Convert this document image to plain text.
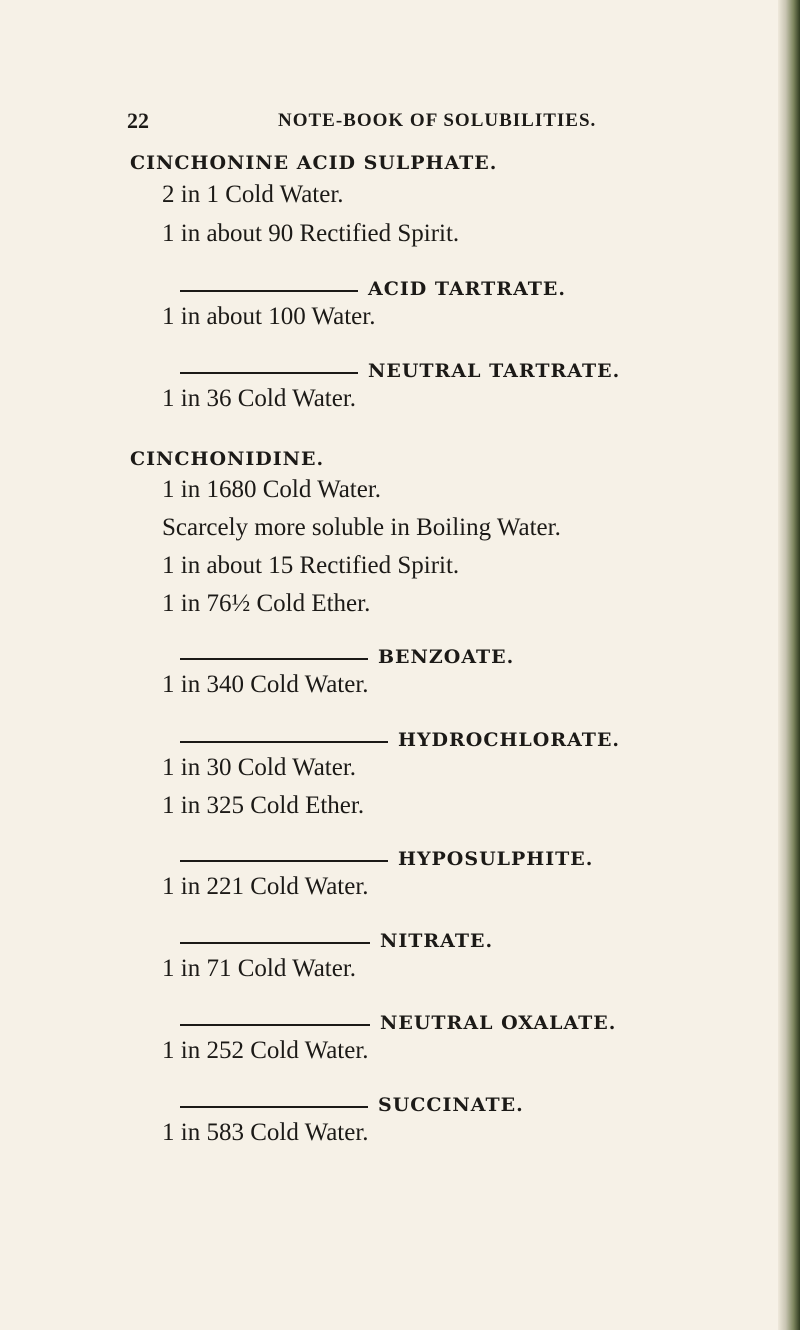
22	NOTE-BOOK OF SOLUBILITIES.
CINCHONINE ACID SULPHATE.
2 in 1 Cold Water.
1 in about 90 Rectified Spirit.
ACID TARTRATE.
1 in about 100 Water.
NEUTRAL TARTRATE.
1 in 36 Cold Water.
CINCHONIDINE.
1 in 1680 Cold Water.
Scarcely more soluble in Boiling Water.
1 in about 15 Rectified Spirit.
1 in 76½ Cold Ether.
BENZOATE.
1 in 340 Cold Water.
HYDROCHLORATE.
1 in 30 Cold Water.
1 in 325 Cold Ether.
HYPOSULPHITE.
1 in 221 Cold Water.
NITRATE.
1 in 71 Cold Water.
NEUTRAL OXALATE.
1 in 252 Cold Water.
SUCCINATE.
1 in 583 Cold Water.
